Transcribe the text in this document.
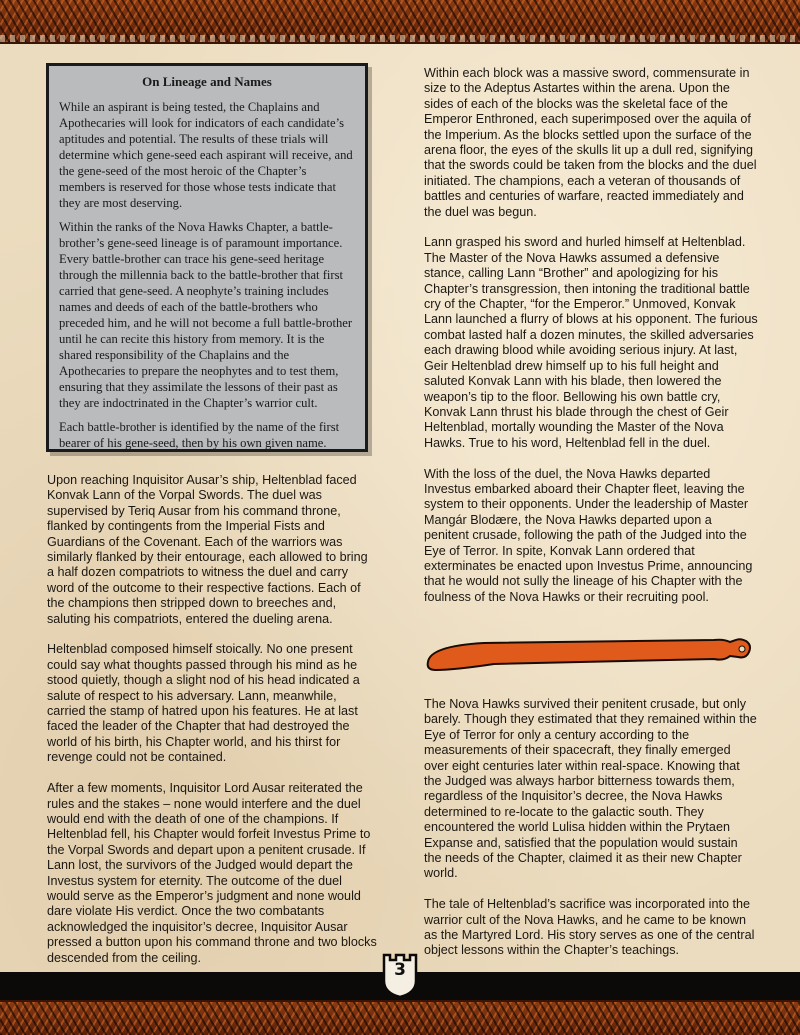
On Lineage and Names

While an aspirant is being tested, the Chaplains and Apothecaries will look for indicators of each candidate’s aptitudes and potential. The results of these trials will determine which gene-seed each aspirant will receive, and the gene-seed of the most heroic of the Chapter’s members is reserved for those whose tests indicate that they are most deserving.

Within the ranks of the Nova Hawks Chapter, a battle-brother’s gene-seed lineage is of paramount importance. Every battle-brother can trace his gene-seed heritage through the millennia back to the battle-brother that first carried that gene-seed. A neophyte’s training includes names and deeds of each of the battle-brothers who preceded him, and he will not become a full battle-brother until he can recite this history from memory. It is the shared responsibility of the Chaplains and the Apothecaries to prepare the neophytes and to test them, ensuring that they assimilate the lessons of their past as they are indoctrinated in the Chapter’s warrior cult.

Each battle-brother is identified by the name of the first bearer of his gene-seed, then by his own given name.

Upon reaching Inquisitor Ausar’s ship, Heltenblad faced Konvak Lann of the Vorpal Swords. The duel was supervised by Teriq Ausar from his command throne, flanked by contingents from the Imperial Fists and Guardians of the Covenant. Each of the warriors was similarly flanked by their entourage, each allowed to bring a half dozen compatriots to witness the duel and carry word of the outcome to their respective factions. Each of the champions then stripped down to breeches and, saluting his compatriots, entered the dueling arena.

Heltenblad composed himself stoically. No one present could say what thoughts passed through his mind as he stood quietly, though a slight nod of his head indicated a salute of respect to his adversary. Lann, meanwhile, carried the stamp of hatred upon his features. He at last faced the leader of the Chapter that had destroyed the world of his birth, his Chapter world, and his thirst for revenge could not be contained.

After a few moments, Inquisitor Lord Ausar reiterated the rules and the stakes – none would interfere and the duel would end with the death of one of the champions. If Heltenblad fell, his Chapter would forfeit Investus Prime to the Vorpal Swords and depart upon a penitent crusade. If Lann lost, the survivors of the Judged would depart the Investus system for eternity. The outcome of the duel would serve as the Emperor’s judgment and none would dare violate His verdict. Once the two combatants acknowledged the inquisitor’s decree, Inquisitor Ausar pressed a button upon his command throne and two blocks descended from the ceiling.

Within each block was a massive sword, commensurate in size to the Adeptus Astartes within the arena. Upon the sides of each of the blocks was the skeletal face of the Emperor Enthroned, each superimposed over the aquila of the Imperium. As the blocks settled upon the surface of the arena floor, the eyes of the skulls lit up a dull red, signifying that the swords could be taken from the blocks and the duel initiated. The champions, each a veteran of thousands of battles and centuries of warfare, reacted immediately and the duel was begun.

Lann grasped his sword and hurled himself at Heltenblad. The Master of the Nova Hawks assumed a defensive stance, calling Lann “Brother” and apologizing for his Chapter’s transgression, then intoning the traditional battle cry of the Chapter, “for the Emperor.” Unmoved, Konvak Lann launched a flurry of blows at his opponent. The furious combat lasted half a dozen minutes, the skilled adversaries each drawing blood while avoiding serious injury. At last, Geir Heltenblad drew himself up to his full height and saluted Konvak Lann with his blade, then lowered the weapon’s tip to the floor. Bellowing his own battle cry, Konvak Lann thrust his blade through the chest of Geir Heltenblad, mortally wounding the Master of the Nova Hawks. True to his word, Heltenblad fell in the duel.

With the loss of the duel, the Nova Hawks departed Investus embarked aboard their Chapter fleet, leaving the system to their opponents. Under the leadership of Master Mangár Blodære, the Nova Hawks departed upon a penitent crusade, following the path of the Judged into the Eye of Terror. In spite, Konvak Lann ordered that exterminates be enacted upon Investus Prime, announcing that he would not sully the lineage of his Chapter with the foulness of the Nova Hawks or their recruiting pool.

The Nova Hawks survived their penitent crusade, but only barely. Though they estimated that they remained within the Eye of Terror for only a century according to the measurements of their spacecraft, they finally emerged over eight centuries later within real-space. Knowing that the Judged was always harbor bitterness towards them, regardless of the Inquisitor’s decree, the Nova Hawks determined to re-locate to the galactic south. They encountered the world Lulisa hidden within the Prytaen Expanse and, satisfied that the population would sustain the needs of the Chapter, claimed it as their new Chapter world.

The tale of Heltenblad’s sacrifice was incorporated into the warrior cult of the Nova Hawks, and he came to be known as the Martyred Lord. His story serves as one of the central object lessons within the Chapter’s teachings.

3
